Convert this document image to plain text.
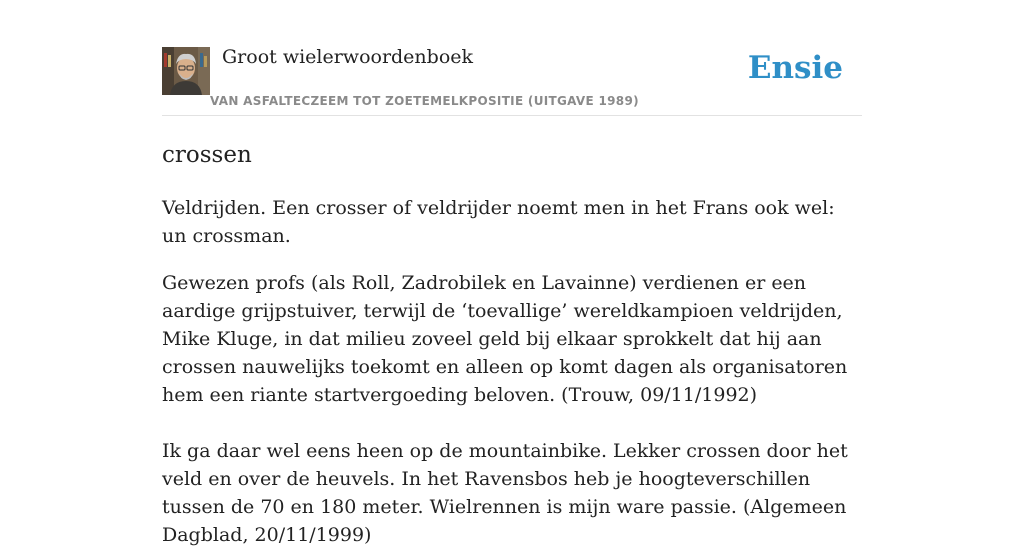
Groot wielerwoordenboek
VAN ASFALTECZEEM TOT ZOETEMELKPOSITIE (UITGAVE 1989)
Ensie
crossen

Veldrijden. Een crosser of veldrijder noemt men in het Frans ook wel: un crossman.

Gewezen profs (als Roll, Zadrobilek en Lavainne) verdienen er een aardige grijpstuiver, terwijl de ‘toevallige’ wereldkampioen veldrijden, Mike Kluge, in dat milieu zoveel geld bij elkaar sprokkelt dat hij aan crossen nauwelijks toekomt en alleen op komt dagen als organisatoren hem een riante startvergoeding beloven. (Trouw, 09/11/1992)

Ik ga daar wel eens heen op de mountainbike. Lekker crossen door het veld en over de heuvels. In het Ravensbos heb je hoogteverschillen tussen de 70 en 180 meter. Wielrennen is mijn ware passie. (Algemeen Dagblad, 20/11/1999)
